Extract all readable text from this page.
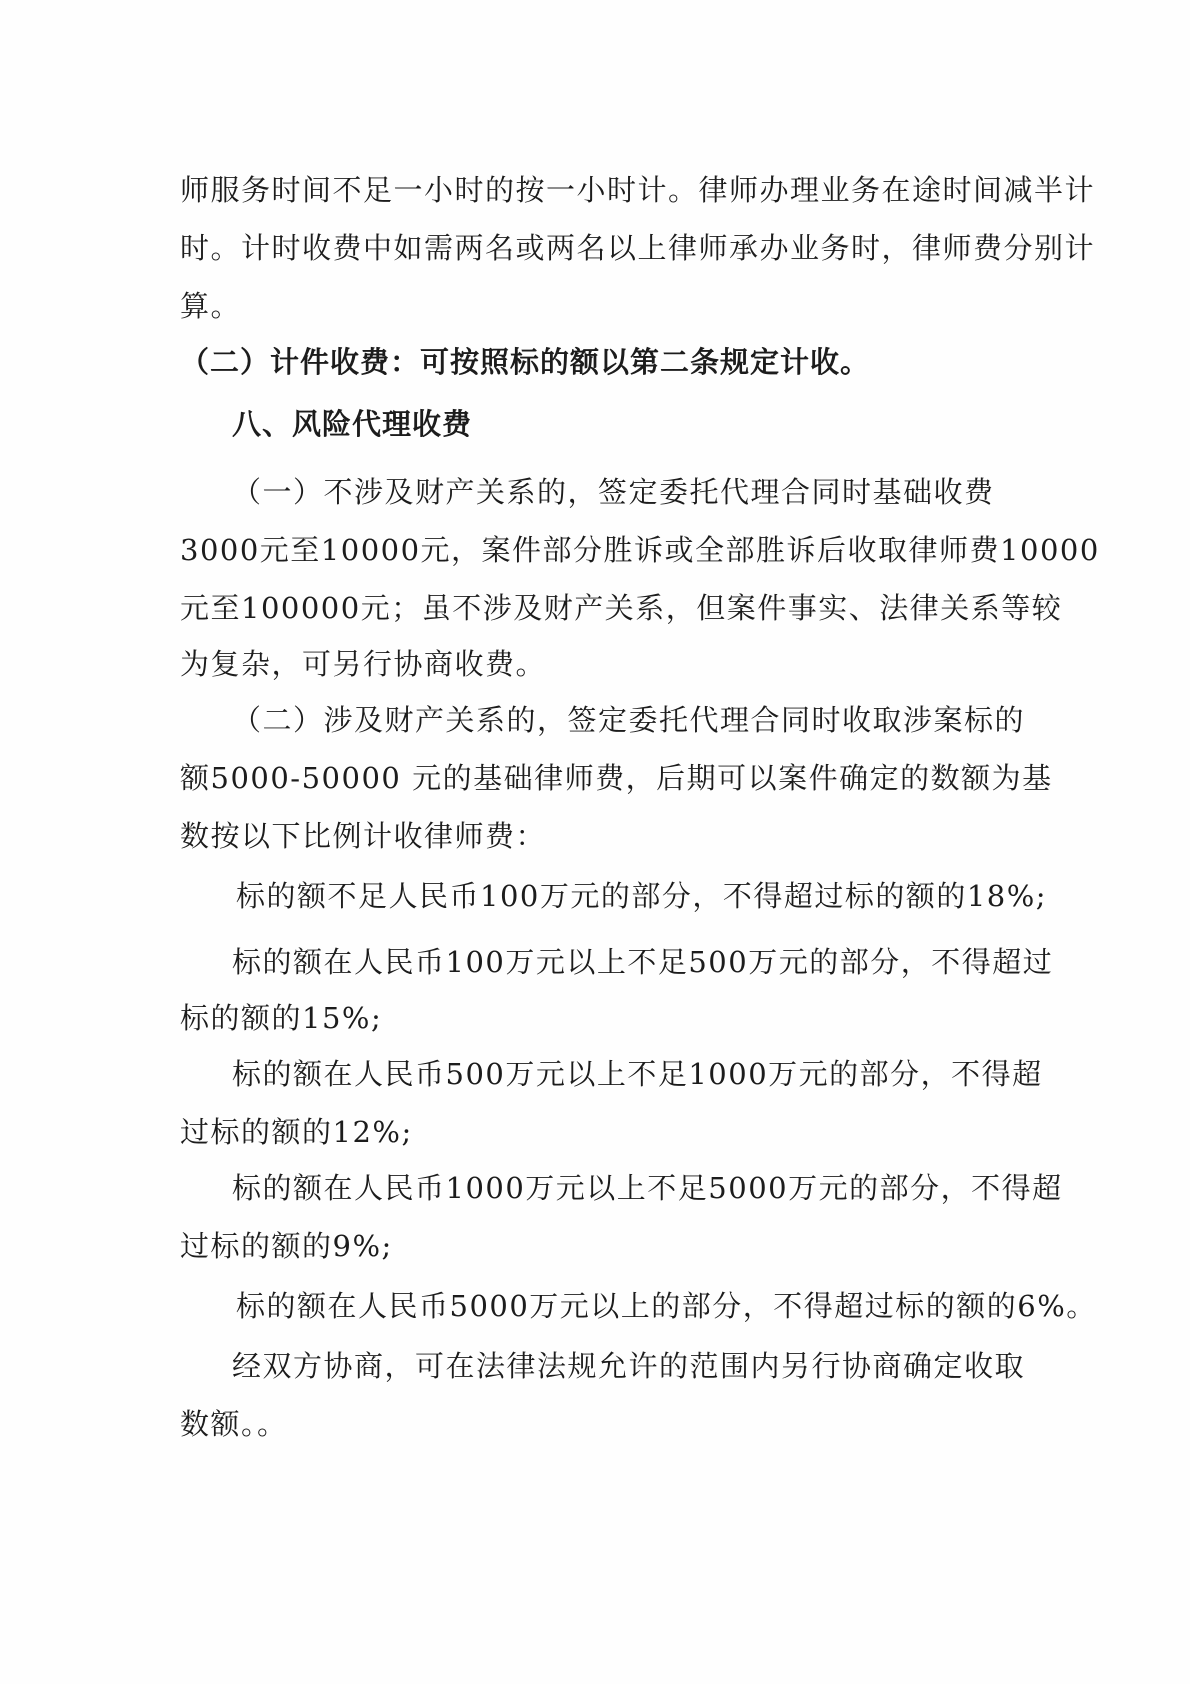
师服务时间不足一小时的按一小时计。律师办理业务在途时间减半计
时。计时收费中如需两名或两名以上律师承办业务时，律师费分别计
算。
（二）计件收费：可按照标的额以第二条规定计收。
八、风险代理收费
（一）不涉及财产关系的，签定委托代理合同时基础收费
3000元至10000元，案件部分胜诉或全部胜诉后收取律师费10000
元至100000元；虽不涉及财产关系，但案件事实、法律关系等较
为复杂，可另行协商收费。
（二）涉及财产关系的，签定委托代理合同时收取涉案标的
额5000-50000 元的基础律师费，后期可以案件确定的数额为基
数按以下比例计收律师费：
标的额不足人民币100万元的部分，不得超过标的额的18%;
标的额在人民币100万元以上不足500万元的部分，不得超过
标的额的15%;
标的额在人民币500万元以上不足1000万元的部分，不得超
过标的额的12%;
标的额在人民币1000万元以上不足5000万元的部分，不得超
过标的额的9%;
标的额在人民币5000万元以上的部分，不得超过标的额的6%。
经双方协商，可在法律法规允许的范围内另行协商确定收取
数额。。
